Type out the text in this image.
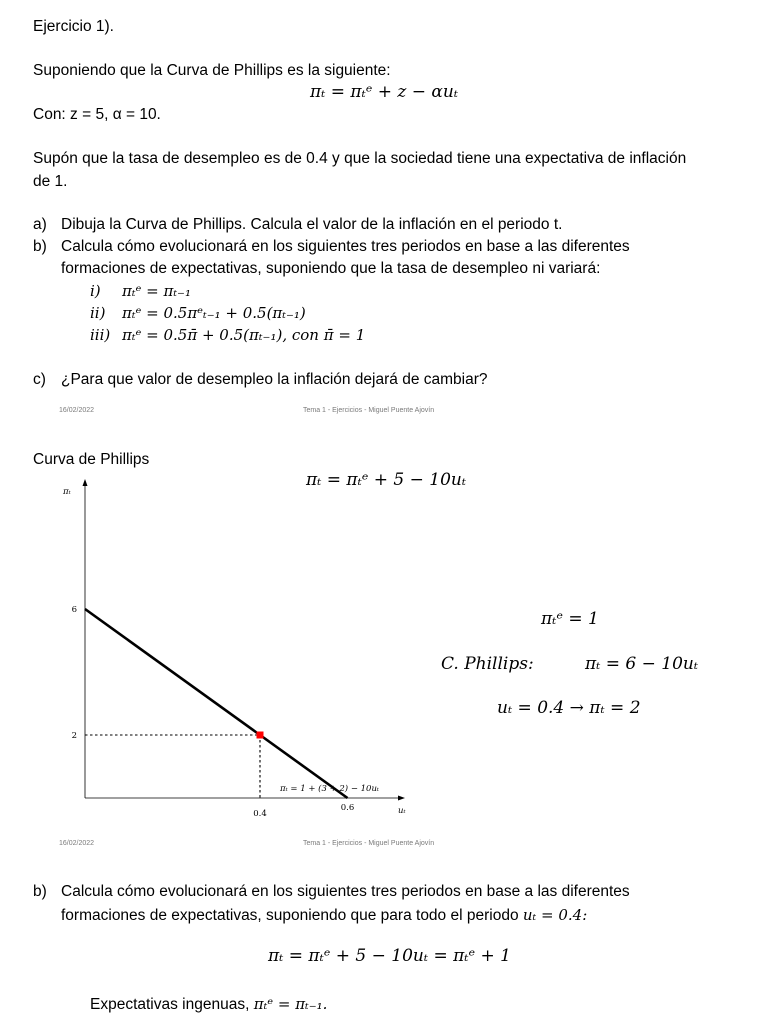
Ejercicio 1).
Suponiendo que la Curva de Phillips es la siguiente:
πₜ = πₜᵉ + z − αuₜ
Con: z = 5, α = 10.
Supón que la tasa de desempleo es de 0.4 y que la sociedad tiene una expectativa de inflación
de 1.
a) Dibuja la Curva de Phillips. Calcula el valor de la inflación en el periodo t.
b) Calcula cómo evolucionará en los siguientes tres periodos en base a las diferentes
formaciones de expectativas, suponiendo que la tasa de desempleo ni variará:
i) πₜᵉ = πₜ₋₁
ii) πₜᵉ = 0.5πᵉₜ₋₁ + 0.5(πₜ₋₁)
iii) πₜᵉ = 0.5π̄ + 0.5(πₜ₋₁), con π̄ = 1
c) ¿Para que valor de desempleo la inflación dejará de cambiar?
16/02/2022	Tema 1 - Ejercicios - Miguel Puente Ajovín
Curva de Phillips
πₜ = πₜᵉ + 5 − 10uₜ
6
2
0.4
0.6
πₜ
uₜ
πₜ = 1 + (3 + 2) − 10uₜ
πₜᵉ = 1
C. Phillips:	πₜ = 6 − 10uₜ
uₜ = 0.4 → πₜ = 2
16/02/2022	Tema 1 - Ejercicios - Miguel Puente Ajovín
b) Calcula cómo evolucionará en los siguientes tres periodos en base a las diferentes
formaciones de expectativas, suponiendo que para todo el periodo uₜ = 0.4:
πₜ = πₜᵉ + 5 − 10uₜ = πₜᵉ + 1
Expectativas ingenuas, πₜᵉ = πₜ₋₁.
